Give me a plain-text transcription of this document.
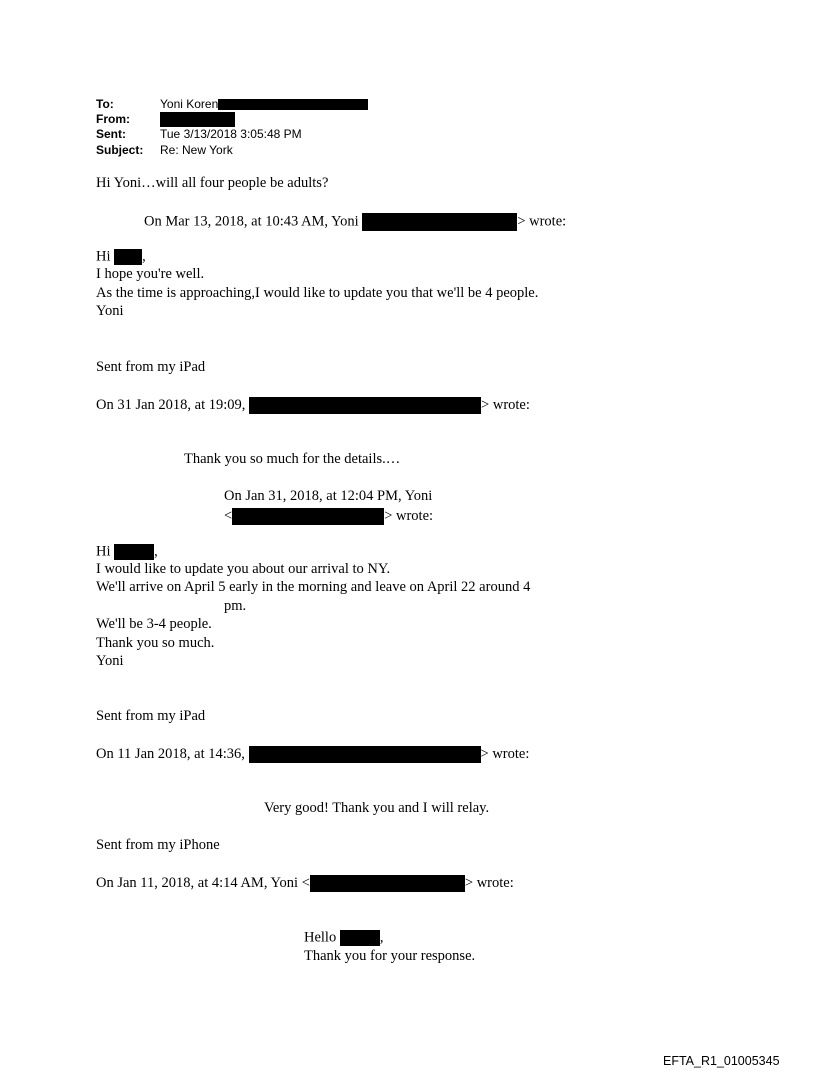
To:	Yoni Koren
From:
Sent:	Tue 3/13/2018 3:05:48 PM
Subject: Re: New York
Hi Yoni…will all four people be adults?
On Mar 13, 2018, at 10:43 AM, Yoni	> wrote:
Hi ,
I hope you're well.
As the time is approaching,I would like to update you that we'll be 4 people.
Yoni
Sent from my iPad
On 31 Jan 2018, at 19:09,	> wrote:
Thank you so much for the details.…
On Jan 31, 2018, at 12:04 PM, Yoni
<	> wrote:
Hi	,
I would like to update you about our arrival to NY.
We'll arrive on April 5 early in the morning and leave on April 22 around 4
pm.
We'll be 3-4 people.
Thank you so much.
Yoni
Sent from my iPad
On 11 Jan 2018, at 14:36,	> wrote:
Very good! Thank you and I will relay.
Sent from my iPhone
On Jan 11, 2018, at 4:14 AM, Yoni <	> wrote:
Hello	,
Thank you for your response.
EFTA_R1_01005345
